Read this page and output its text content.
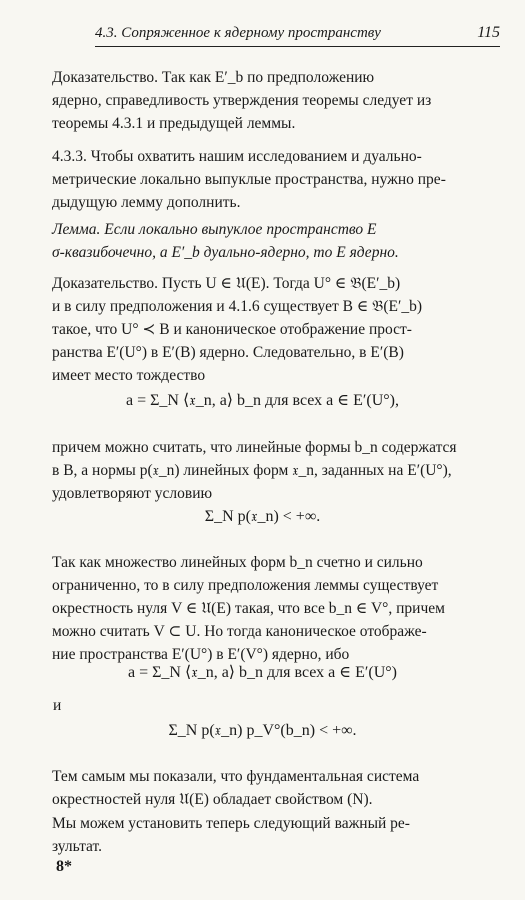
4.3. Сопряженное к ядерному пространству	115
Доказательство. Так как E′_b по предположению
ядерно, справедливость утверждения теоремы следует из
теоремы 4.3.1 и предыдущей леммы.
4.3.3. Чтобы охватить нашим исследованием и дуально-
метрические локально выпуклые пространства, нужно пре-
дыдущую лемму дополнить.
Лемма. Если локально выпуклое пространство E
σ-квазибочечно, а E′_b дуально-ядерно, то E ядерно.
Доказательство. Пусть U ∈ 𝔘(E). Тогда U° ∈ 𝔅(E′_b)
и в силу предположения и 4.1.6 существует B ∈ 𝔅(E′_b)
такое, что U° ≺ B и каноническое отображение прост-
ранства E′(U°) в E′(B) ядерно. Следовательно, в E′(B)
имеет место тождество
a = Σ_N ⟨𝔵_n, a⟩ b_n для всех a ∈ E′(U°),
причем можно считать, что линейные формы b_n содержатся
в B, а нормы p(𝔵_n) линейных форм 𝔵_n, заданных на E′(U°),
удовлетворяют условию
Σ_N p(𝔵_n) < +∞.
Так как множество линейных форм b_n счетно и сильно
ограниченно, то в силу предположения леммы существует
окрестность нуля V ∈ 𝔘(E) такая, что все b_n ∈ V°, причем
можно считать V ⊂ U. Но тогда каноническое отображе-
ние пространства E′(U°) в E′(V°) ядерно, ибо
a = Σ_N ⟨𝔵_n, a⟩ b_n для всех a ∈ E′(U°)
и
Σ_N p(𝔵_n) p_V°(b_n) < +∞.
Тем самым мы показали, что фундаментальная система
окрестностей нуля 𝔘(E) обладает свойством (N).
Мы можем установить теперь следующий важный ре-
зультат.
8*
